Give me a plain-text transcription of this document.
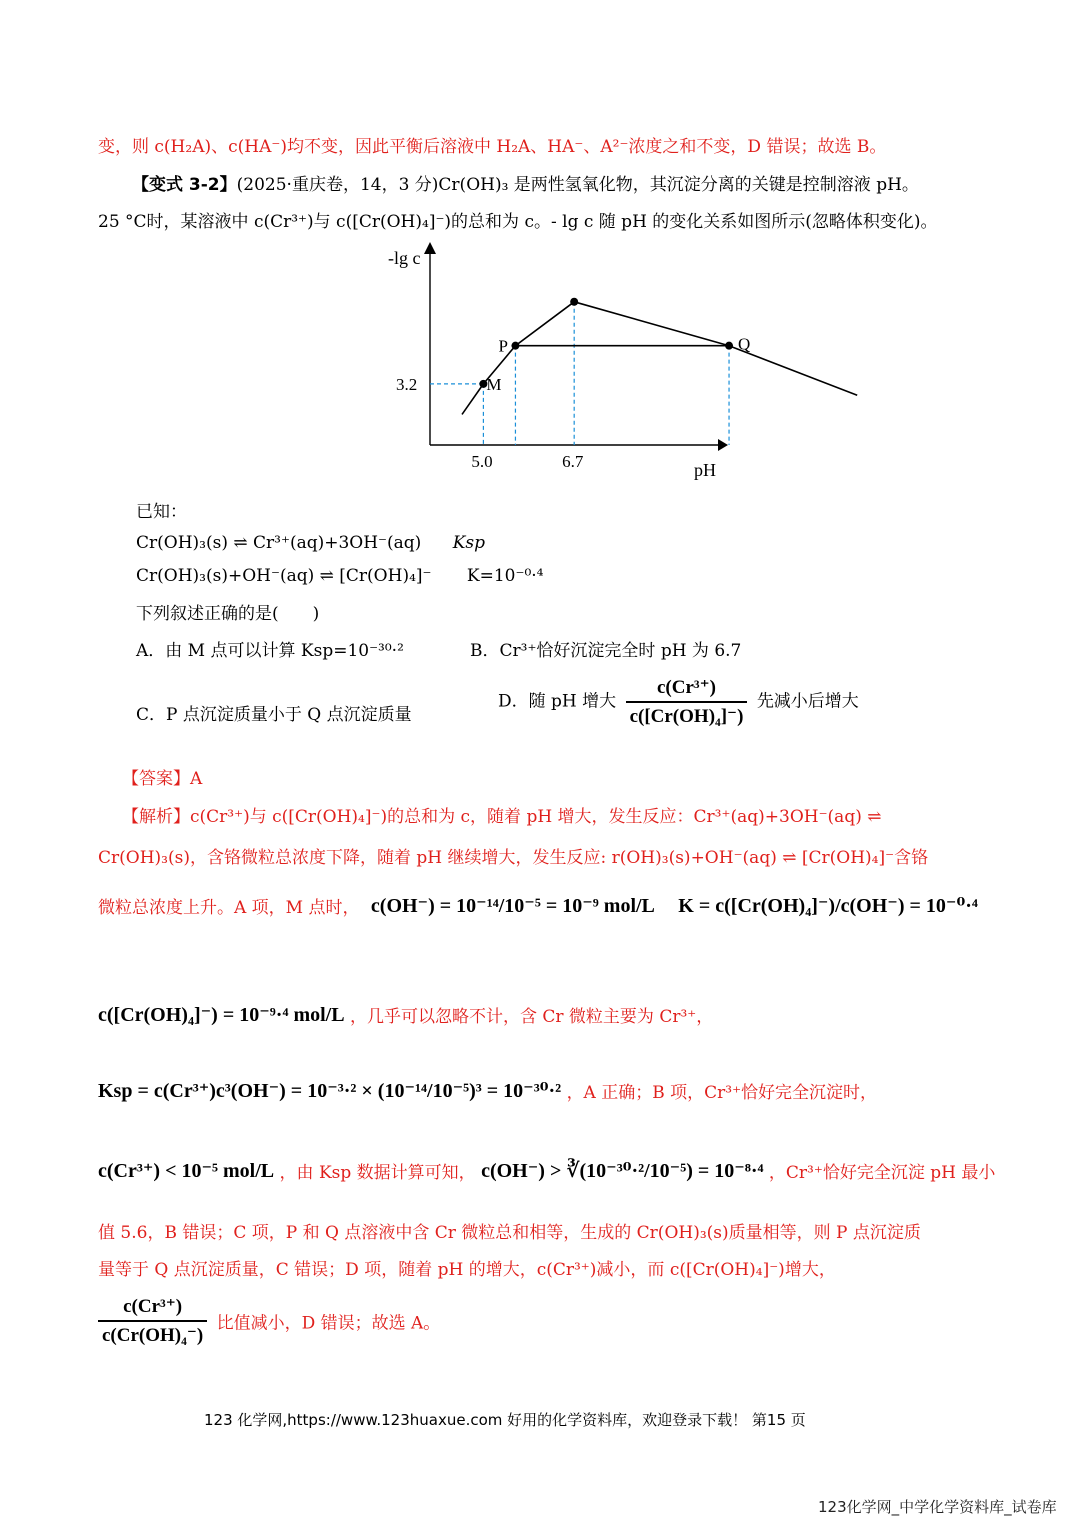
变，则 c(H₂A)、c(HA⁻)均不变，因此平衡后溶液中 H₂A、HA⁻、A²⁻浓度之和不变，D 错误；故选 B。
【变式 3-2】(2025·重庆卷，14，3 分)Cr(OH)₃ 是两性氢氧化物，其沉淀分离的关键是控制溶液 pH。
25 °C时，某溶液中 c(Cr³⁺)与 c([Cr(OH)₄]⁻)的总和为 c。- lg c 随 pH 的变化关系如图所示(忽略体积变化)。
-lg c
pH
M
P	Q
3.2
5.0	6.7
已知：
Cr(OH)₃(s) ⇌ Cr³⁺(aq)+3OH⁻(aq) Ksp
Cr(OH)₃(s)+OH⁻(aq) ⇌ [Cr(OH)₄]⁻ K=10⁻⁰·⁴
下列叙述正确的是(　　)
A．由 M 点可以计算 Ksp=10⁻³⁰·²	B．Cr³⁺恰好沉淀完全时 pH 为 6.7
C．P 点沉淀质量小于 Q 点沉淀质量
D．随 pH 增大 $\frac{\text{c(Cr³⁺)}}{\text{c([Cr(OH)₄]⁻)}}$ 先减小后增大
【答案】A
【解析】c(Cr³⁺)与 c([Cr(OH)₄]⁻)的总和为 c，随着 pH 增大，发生反应：Cr³⁺(aq)+3OH⁻(aq) ⇌
Cr(OH)₃(s)，含铬微粒总浓度下降，随着 pH 继续增大，发生反应: r(OH)₃(s)+OH⁻(aq) ⇌ [Cr(OH)₄]⁻含铬
微粒总浓度上升。A 项，M 点时， c(OH⁻) = 10⁻¹⁴/10⁻⁵ = 10⁻⁹ mol/L K = c([Cr(OH)₄]⁻)/c(OH⁻) = 10⁻⁰·⁴
c([Cr(OH)₄]⁻) = 10⁻⁹·⁴ mol/L ，几乎可以忽略不计，含 Cr 微粒主要为 Cr³⁺，
Ksp = c(Cr³⁺)c³(OH⁻) = 10⁻³·² × (10⁻¹⁴/10⁻⁵)³ = 10⁻³⁰·² ，A 正确；B 项，Cr³⁺恰好完全沉淀时，
c(Cr³⁺) < 10⁻⁵ mol/L ，由 Ksp 数据计算可知， c(OH⁻) > ∛(10⁻³⁰·²/10⁻⁵) = 10⁻⁸·⁴ ，Cr³⁺恰好完全沉淀 pH 最小
值 5.6，B 错误；C 项，P 和 Q 点溶液中含 Cr 微粒总和相等，生成的 Cr(OH)₃(s)质量相等，则 P 点沉淀质
量等于 Q 点沉淀质量，C 错误；D 项，随着 pH 的增大，c(Cr³⁺)减小，而 c([Cr(OH)₄]⁻)增大，
$\frac{\text{c(Cr³⁺)}}{\text{c(Cr(OH)₄⁻)}}$ 比值减小，D 错误；故选 A。
123 化学网,https://www.123huaxue.com 好用的化学资料库，欢迎登录下载！ 第15 页
123化学网_中学化学资料库_试卷库
